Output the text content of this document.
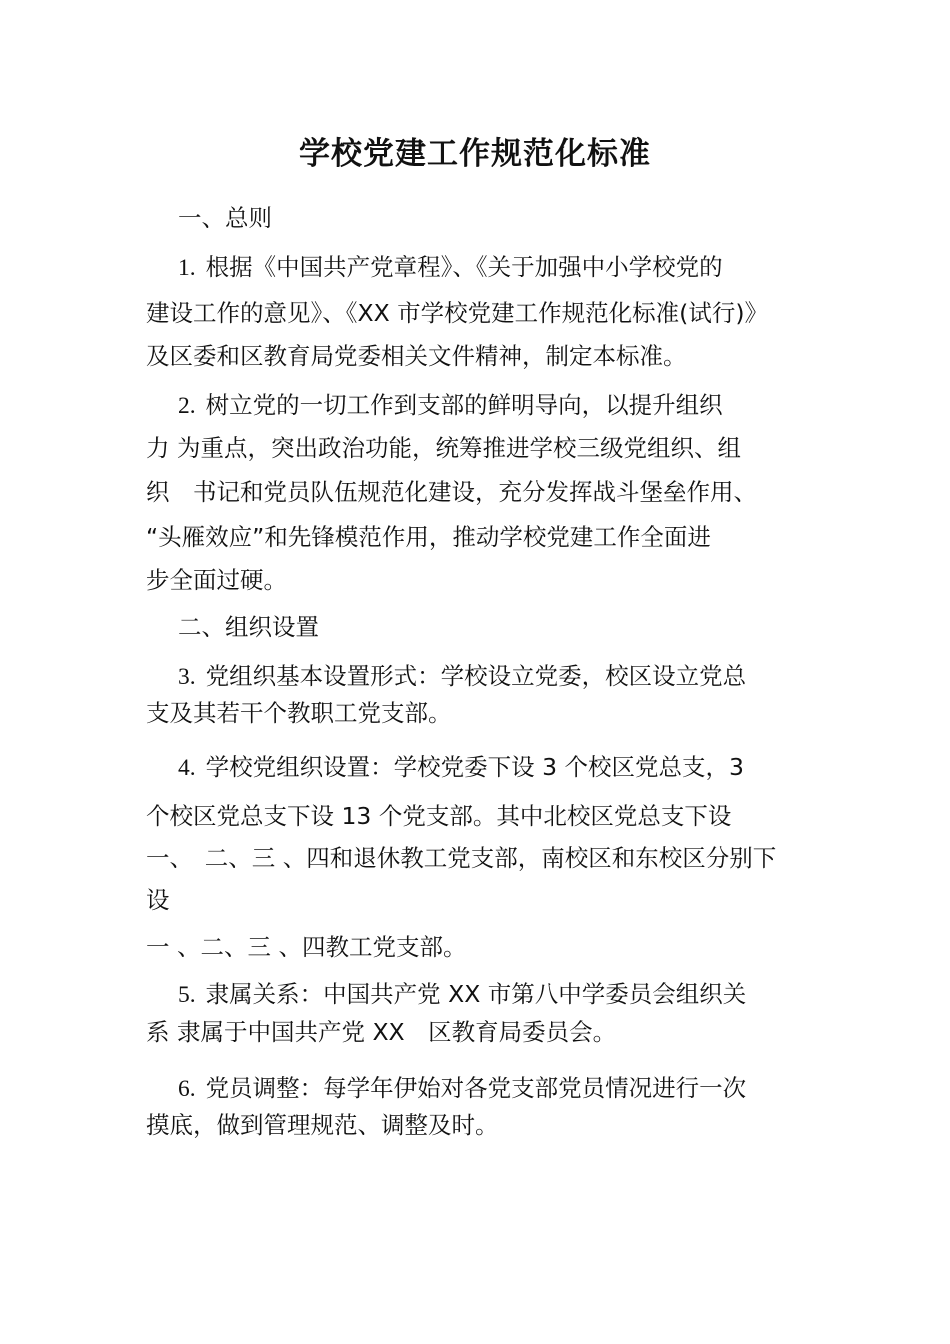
学校党建工作规范化标准
一、总则
1. 根据《中国共产党章程》、《关于加强中小学校党的
建设工作的意见》、《XX 市学校党建工作规范化标准(试行)》
及区委和区教育局党委相关文件精神，制定本标准。
2. 树立党的一切工作到支部的鲜明导向，以提升组织
力 为重点，突出政治功能，统筹推进学校三级党组织、组
织　书记和党员队伍规范化建设，充分发挥战斗堡垒作用、
“头雁效应”和先锋模范作用，推动学校党建工作全面进
步全面过硬。
二、组织设置
3. 党组织基本设置形式：学校设立党委，校区设立党总
支及其若干个教职工党支部。
4. 学校党组织设置：学校党委下设 3 个校区党总支，3
个校区党总支下设 13 个党支部。其中北校区党总支下设
一、　二、三 、四和退休教工党支部，南校区和东校区分别下
设
一 、二、三 、四教工党支部。
5. 隶属关系：中国共产党 XX 市第八中学委员会组织关
系 隶属于中国共产党 XX　区教育局委员会。
6. 党员调整：每学年伊始对各党支部党员情况进行一次
摸底，做到管理规范、调整及时。
